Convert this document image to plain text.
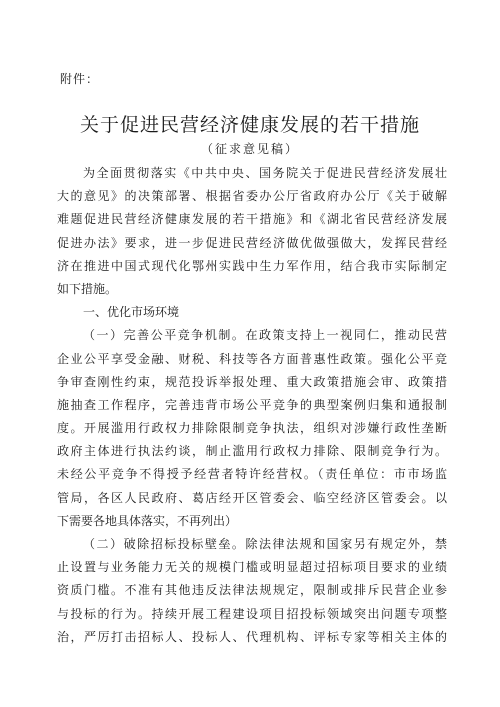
附件：
关于促进民营经济健康发展的若干措施
（征求意见稿）
为全面贯彻落实《中共中央、国务院关于促进民营经济发展壮
大的意见》的决策部署、根据省委办公厅省政府办公厅《关于破解
难题促进民营经济健康发展的若干措施》和《湖北省民营经济发展
促进办法》要求，进一步促进民营经济做优做强做大，发挥民营经
济在推进中国式现代化鄂州实践中生力军作用，结合我市实际制定
如下措施。
一、优化市场环境
（一）完善公平竞争机制。在政策支持上一视同仁，推动民营
企业公平享受金融、财税、科技等各方面普惠性政策。强化公平竞
争审查刚性约束，规范投诉举报处理、重大政策措施会审、政策措
施抽查工作程序，完善违背市场公平竞争的典型案例归集和通报制
度。开展滥用行政权力排除限制竞争执法，组织对涉嫌行政性垄断
政府主体进行执法约谈，制止滥用行政权力排除、限制竞争行为。
未经公平竞争不得授予经营者特许经营权。（责任单位：市市场监
管局，各区人民政府、葛店经开区管委会、临空经济区管委会。以
下需要各地具体落实，不再列出）
（二）破除招标投标壁垒。除法律法规和国家另有规定外，禁
止设置与业务能力无关的规模门槛或明显超过招标项目要求的业绩
资质门槛。不准有其他违反法律法规规定，限制或排斥民营企业参
与投标的行为。持续开展工程建设项目招投标领域突出问题专项整
治，严厉打击招标人、投标人、代理机构、评标专家等相关主体的
